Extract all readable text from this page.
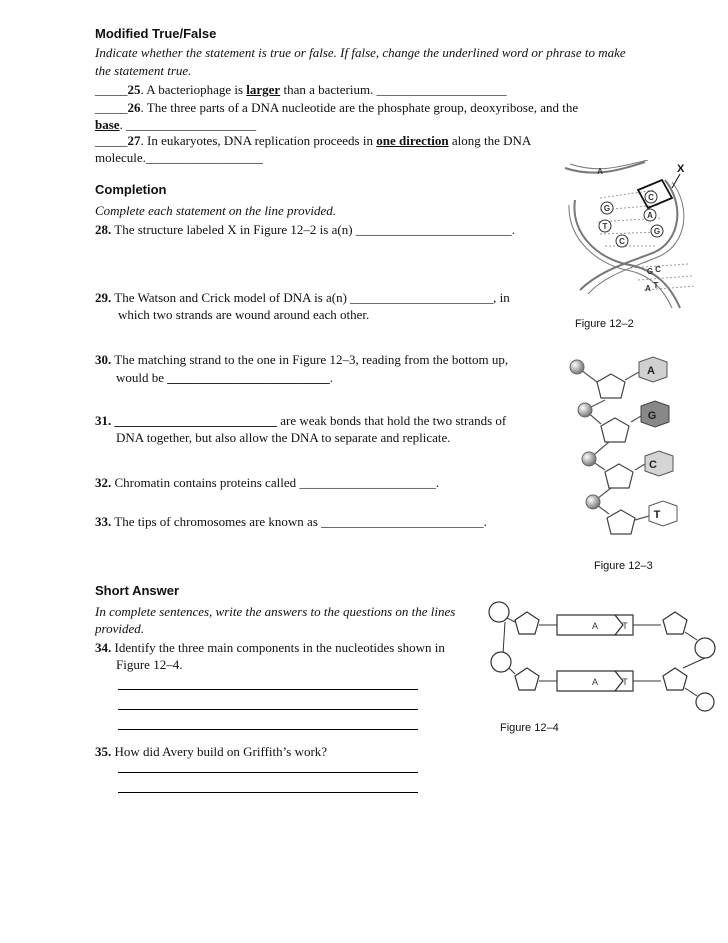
Modified True/False
Indicate whether the statement is true or false. If false, change the underlined word or phrase to make
the statement true.
_____25. A bacteriophage is larger than a bacterium. ____________________
_____26. The three parts of a DNA nucleotide are the phosphate group, deoxyribose, and the
base. ____________________
_____27. In eukaryotes, DNA replication proceeds in one direction along the DNA
molecule.__________________
Completion
Complete each statement on the line provided.
28. The structure labeled X in Figure 12–2 is a(n) ________________________.
29. The Watson and Crick model of DNA is a(n) ______________________, in
which two strands are wound around each other.
30. The matching strand to the one in Figure 12–3, reading from the bottom up,
would be _________________________.
31. _________________________ are weak bonds that hold the two strands of
DNA together, but also allow the DNA to separate and replicate.
32. Chromatin contains proteins called _____________________.
33. The tips of chromosomes are known as _________________________.
Short Answer
In complete sentences, write the answers to the questions on the lines
provided.
34. Identify the three main components in the nucleotides shown in
Figure 12–4.
35. How did Avery build on Griffith’s work?
X
A
C
G
A
T
G
C
G C
A T
Figure 12–2
A
G
C
T
Figure 12–3
A	T
A	T
Figure 12–4
